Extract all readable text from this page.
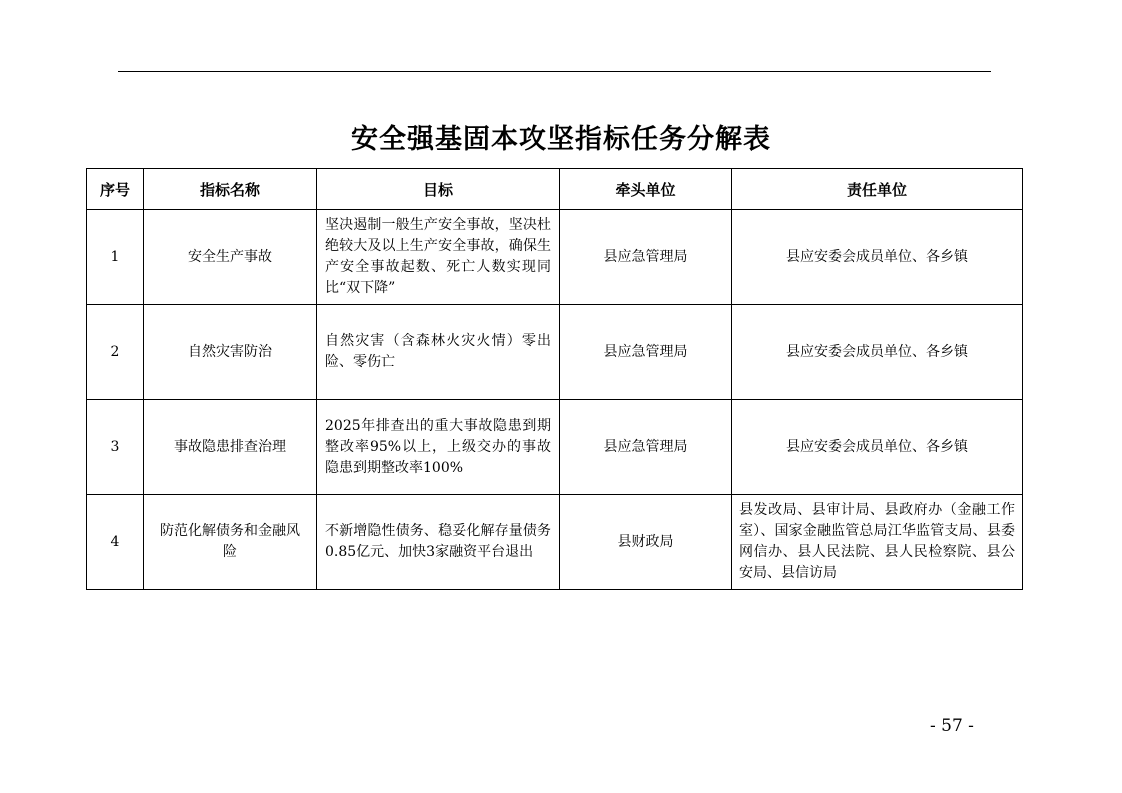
安全强基固本攻坚指标任务分解表
序号	指标名称	目标	牵头单位	责任单位
1	安全生产事故	坚决遏制一般生产安全事故，坚决杜绝较大及以上生产安全事故，确保生产安全事故起数、死亡人数实现同比“双下降”	县应急管理局	县应安委会成员单位、各乡镇
2	自然灾害防治	自然灾害（含森林火灾火情）零出险、零伤亡	县应急管理局	县应安委会成员单位、各乡镇
3	事故隐患排查治理	2025年排查出的重大事故隐患到期整改率95%以上，上级交办的事故隐患到期整改率100%	县应急管理局	县应安委会成员单位、各乡镇
4	防范化解债务和金融风险	不新增隐性债务、稳妥化解存量债务0.85亿元、加快3家融资平台退出	县财政局	县发改局、县审计局、县政府办（金融工作室）、国家金融监管总局江华监管支局、县委网信办、县人民法院、县人民检察院、县公安局、县信访局
- 57 -
